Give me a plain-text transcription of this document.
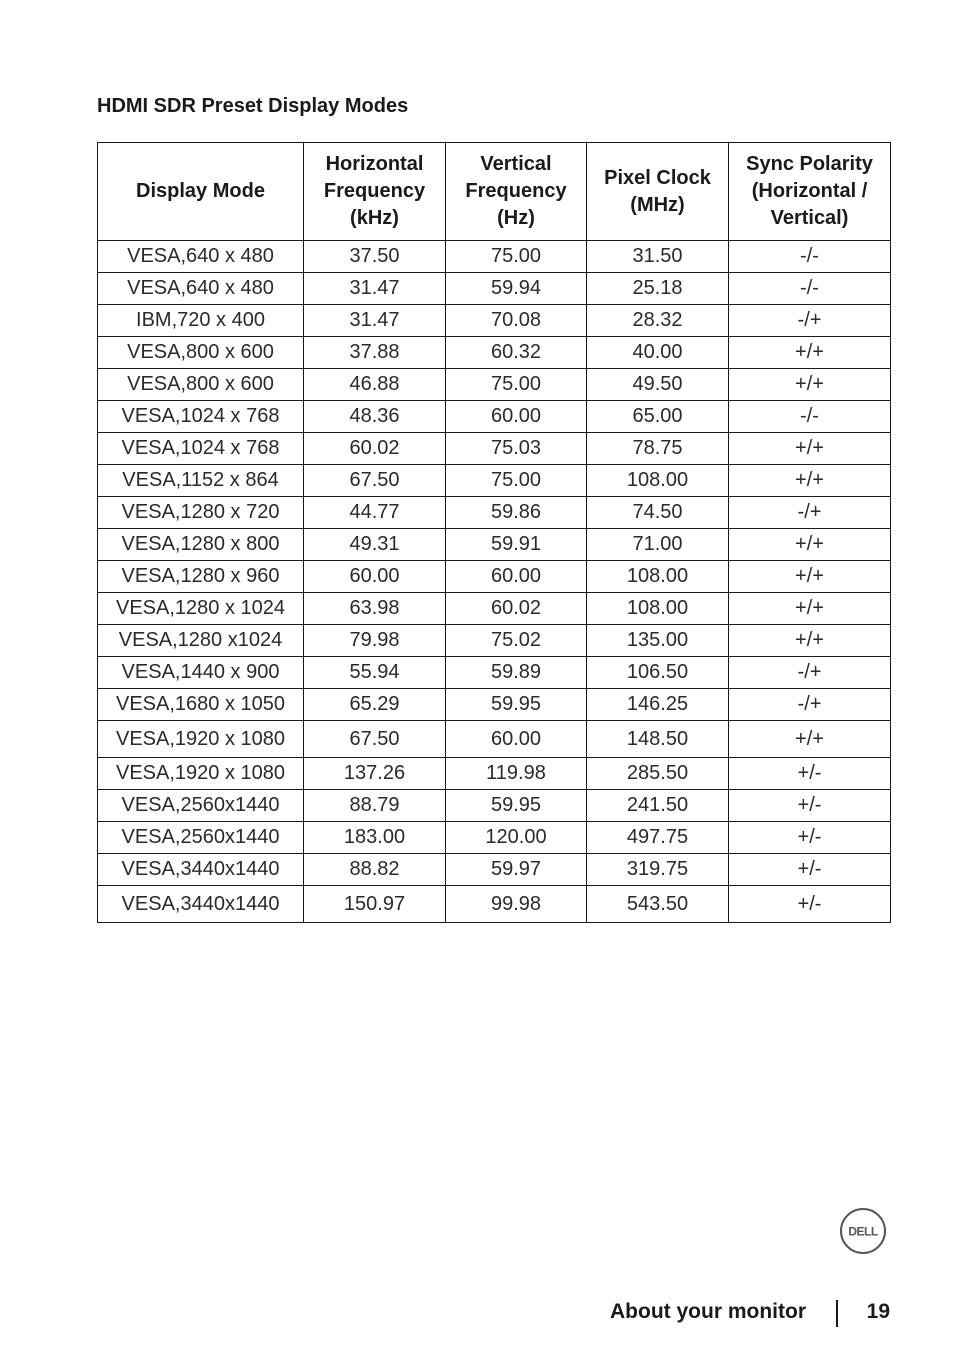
HDMI SDR Preset Display Modes
Display Mode	Horizontal Frequency (kHz)	Vertical Frequency (Hz)	Pixel Clock (MHz)	Sync Polarity (Horizontal / Vertical)
VESA,640 x 480	37.50	75.00	31.50	-/-
VESA,640 x 480	31.47	59.94	25.18	-/-
IBM,720 x 400	31.47	70.08	28.32	-/+
VESA,800 x 600	37.88	60.32	40.00	+/+
VESA,800 x 600	46.88	75.00	49.50	+/+
VESA,1024 x 768	48.36	60.00	65.00	-/-
VESA,1024 x 768	60.02	75.03	78.75	+/+
VESA,1152 x 864	67.50	75.00	108.00	+/+
VESA,1280 x 720	44.77	59.86	74.50	-/+
VESA,1280 x 800	49.31	59.91	71.00	+/+
VESA,1280 x 960	60.00	60.00	108.00	+/+
VESA,1280 x 1024	63.98	60.02	108.00	+/+
VESA,1280 x1024	79.98	75.02	135.00	+/+
VESA,1440 x 900	55.94	59.89	106.50	-/+
VESA,1680 x 1050	65.29	59.95	146.25	-/+
VESA,1920 x 1080	67.50	60.00	148.50	+/+
VESA,1920 x 1080	137.26	119.98	285.50	+/-
VESA,2560x1440	88.79	59.95	241.50	+/-
VESA,2560x1440	183.00	120.00	497.75	+/-
VESA,3440x1440	88.82	59.97	319.75	+/-
VESA,3440x1440	150.97	99.98	543.50	+/-
DELL
About your monitor	19
